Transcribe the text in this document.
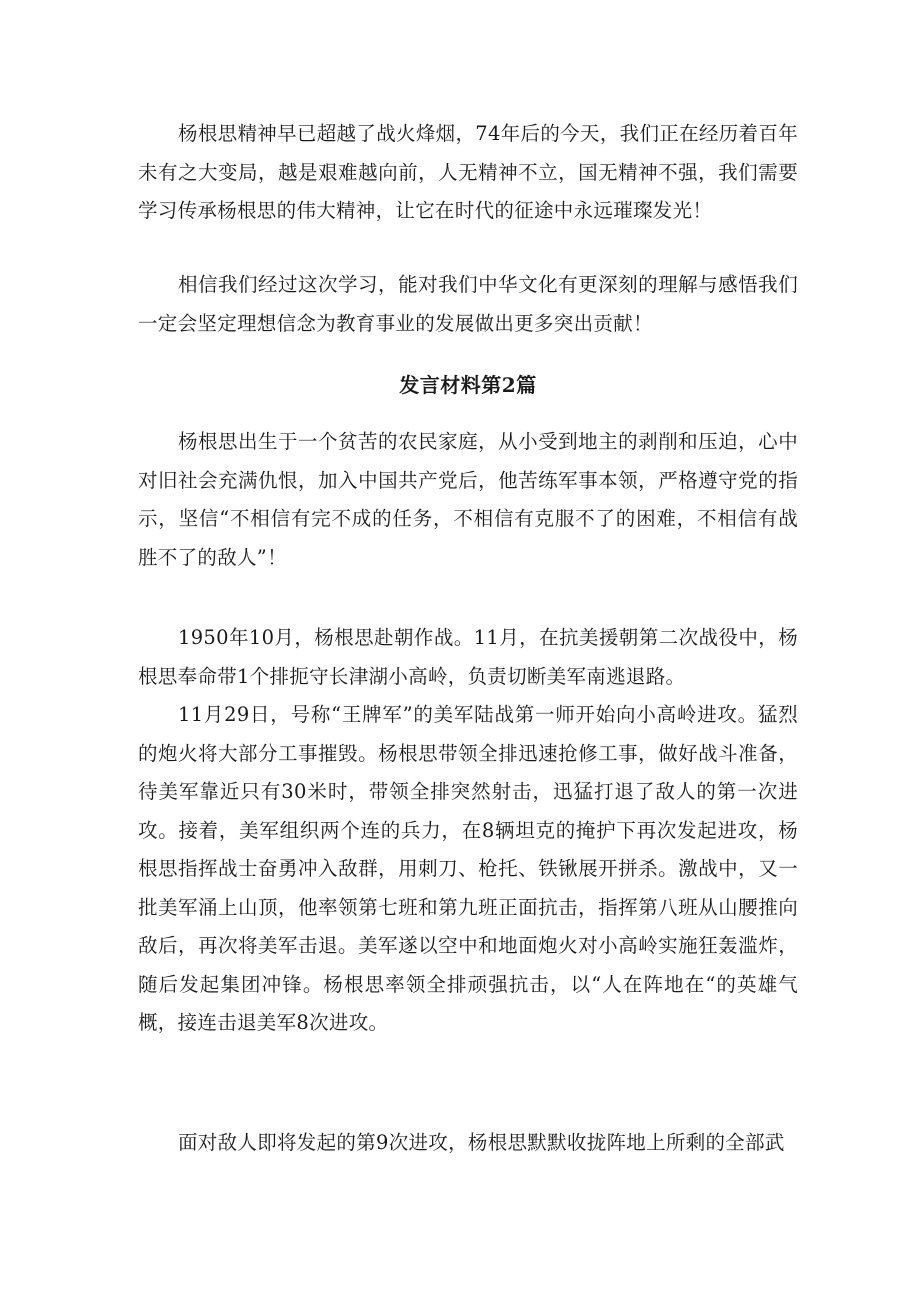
杨根思精神早已超越了战火烽烟，74年后的今天，我们正在经历着百年未有之大变局，越是艰难越向前，人无精神不立，国无精神不强，我们需要学习传承杨根思的伟大精神，让它在时代的征途中永远璀璨发光！

相信我们经过这次学习，能对我们中华文化有更深刻的理解与感悟我们一定会坚定理想信念为教育事业的发展做出更多突出贡献！

发言材料第2篇

杨根思出生于一个贫苦的农民家庭，从小受到地主的剥削和压迫，心中对旧社会充满仇恨，加入中国共产党后，他苦练军事本领，严格遵守党的指示，坚信“不相信有完不成的任务，不相信有克服不了的困难，不相信有战胜不了的敌人”！

1950年10月，杨根思赴朝作战。11月，在抗美援朝第二次战役中，杨根思奉命带1个排扼守长津湖小高岭，负责切断美军南逃退路。

11月29日，号称“王牌军”的美军陆战第一师开始向小高岭进攻。猛烈的炮火将大部分工事摧毁。杨根思带领全排迅速抢修工事，做好战斗准备，待美军靠近只有30米时，带领全排突然射击，迅猛打退了敌人的第一次进攻。接着，美军组织两个连的兵力，在8辆坦克的掩护下再次发起进攻，杨根思指挥战士奋勇冲入敌群，用刺刀、枪托、铁锹展开拼杀。激战中，又一批美军涌上山顶，他率领第七班和第九班正面抗击，指挥第八班从山腰推向敌后，再次将美军击退。美军遂以空中和地面炮火对小高岭实施狂轰滥炸，随后发起集团冲锋。杨根思率领全排顽强抗击，以“人在阵地在“的英雄气概，接连击退美军8次进攻。

面对敌人即将发起的第9次进攻，杨根思默默收拢阵地上所剩的全部武
